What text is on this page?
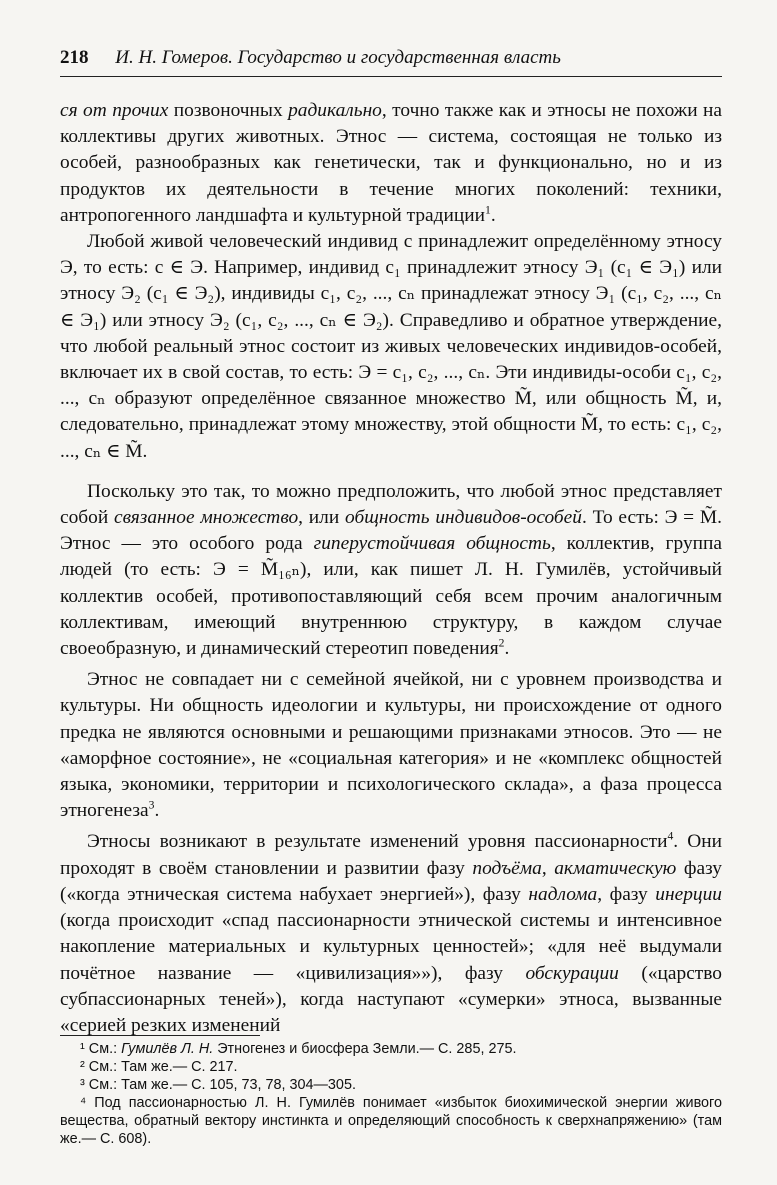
218 И. Н. Гомеров. Государство и государственная власть

ся от прочих позвоночных радикально, точно также как и этносы не похожи на коллективы других животных. Этнос — система, состоящая не только из особей, разнообразных как генетически, так и функционально, но и из продуктов их деятельности в течение многих поколений: техники, антропогенного ландшафта и культурной традиции$^1$.

Любой живой человеческий индивид c принадлежит определённому этносу Э, то есть: c ∈ Э. Например, индивид c₁ принадлежит этносу Э₁ (c₁ ∈ Э₁) или этносу Э₂ (c₁ ∈ Э₂), индивиды c₁, c₂, ..., cₙ принадлежат этносу Э₁ (c₁, c₂, ..., cₙ ∈ Э₁) или этносу Э₂ (c₁, c₂, ..., cₙ ∈ Э₂). Справедливо и обратное утверждение, что любой реальный этнос состоит из живых человеческих индивидов-особей, включает их в свой состав, то есть: Э = c₁, c₂, ..., cₙ. Эти индивиды-особи c₁, c₂, ..., cₙ образуют определённое связанное множество M̃, или общность M̃, и, следовательно, принадлежат этому множеству, этой общности M̃, то есть: c₁, c₂, ..., cₙ ∈ M̃.

Поскольку это так, то можно предположить, что любой этнос представляет собой связанное множество, или общность индивидов-особей. То есть: Э = M̃. Этнос — это особого рода гиперустойчивая общность, коллектив, группа людей (то есть: Э = M̃₁₆ₙ), или, как пишет Л. Н. Гумилёв, устойчивый коллектив особей, противопоставляющий себя всем прочим аналогичным коллективам, имеющий внутреннюю структуру, в каждом случае своеобразную, и динамический стереотип поведения$^2$.

Этнос не совпадает ни с семейной ячейкой, ни с уровнем производства и культуры. Ни общность идеологии и культуры, ни происхождение от одного предка не являются основными и решающими признаками этносов. Это — не «аморфное состояние», не «социальная категория» и не «комплекс общностей языка, экономики, территории и психологического склада», а фаза процесса этногенеза$^3$.

Этносы возникают в результате изменений уровня пассионарности$^4$. Они проходят в своём становлении и развитии фазу подъёма, акматическую фазу («когда этническая система набухает энергией»), фазу надлома, фазу инерции (когда происходит «спад пассионарности этнической системы и интенсивное накопление материальных и культурных ценностей»; «для неё выдумали почётное название — «цивилизация»»), фазу обскурации («царство субпассионарных теней»), когда наступают «сумерки» этноса, вызванные «серией резких изменений

¹ См.: Гумилёв Л. Н. Этногенез и биосфера Земли.— С. 285, 275.

² См.: Там же.— С. 217.

³ См.: Там же.— С. 105, 73, 78, 304—305.

⁴ Под пассионарностью Л. Н. Гумилёв понимает «избыток биохимической энергии живого вещества, обратный вектору инстинкта и определяющий способность к сверхнапряжению» (там же.— С. 608).
